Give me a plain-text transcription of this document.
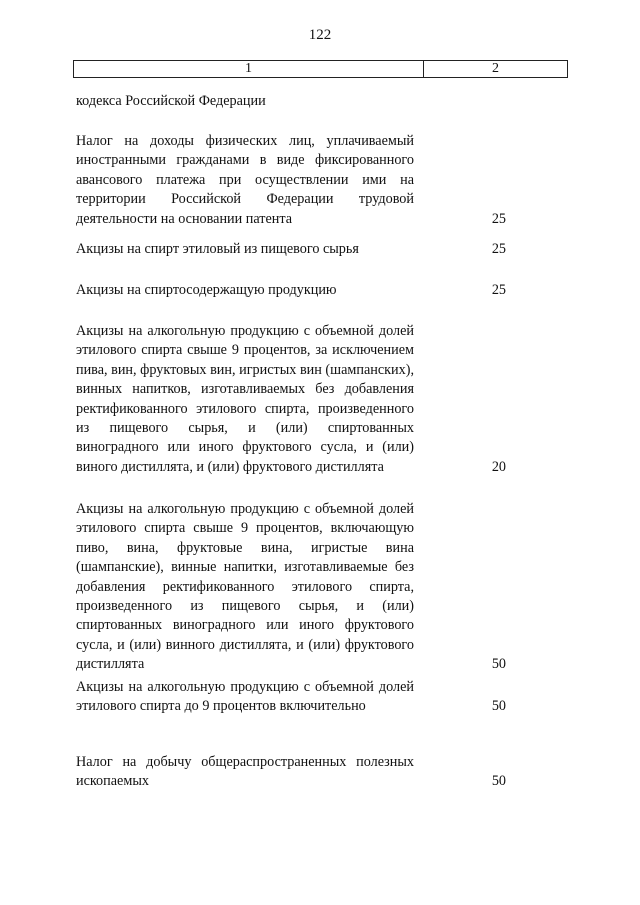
122
1	2
кодекса Российской Федерации
Налог на доходы физических лиц, уплачиваемый иностранными гражданами в виде фиксированного авансового платежа при осуществлении ими на территории Российской Федерации трудовой деятельности на основании патента	25
Акцизы на спирт этиловый из пищевого сырья	25
Акцизы на спиртосодержащую продукцию	25
Акцизы на алкогольную продукцию с объемной долей этилового спирта свыше 9 процентов, за исключением пива, вин, фруктовых вин, игристых вин (шампанских), винных напитков, изготавливаемых без добавления ректификованного этилового спирта, произведенного из пищевого сырья, и (или) спиртованных виноградного или иного фруктового сусла, и (или) виного дистиллята, и (или) фруктового дистиллята	20
Акцизы на алкогольную продукцию с объемной долей этилового спирта свыше 9 процентов, включающую пиво, вина, фруктовые вина, игристые вина (шампанские), винные напитки, изготавливаемые без добавления ректификованного этилового спирта, произведенного из пищевого сырья, и (или) спиртованных виноградного или иного фруктового сусла, и (или) винного дистиллята, и (или) фруктового дистиллята	50
Акцизы на алкогольную продукцию с объемной долей этилового спирта до 9 процентов включительно	50
Налог на добычу общераспространенных полезных ископаемых	50
